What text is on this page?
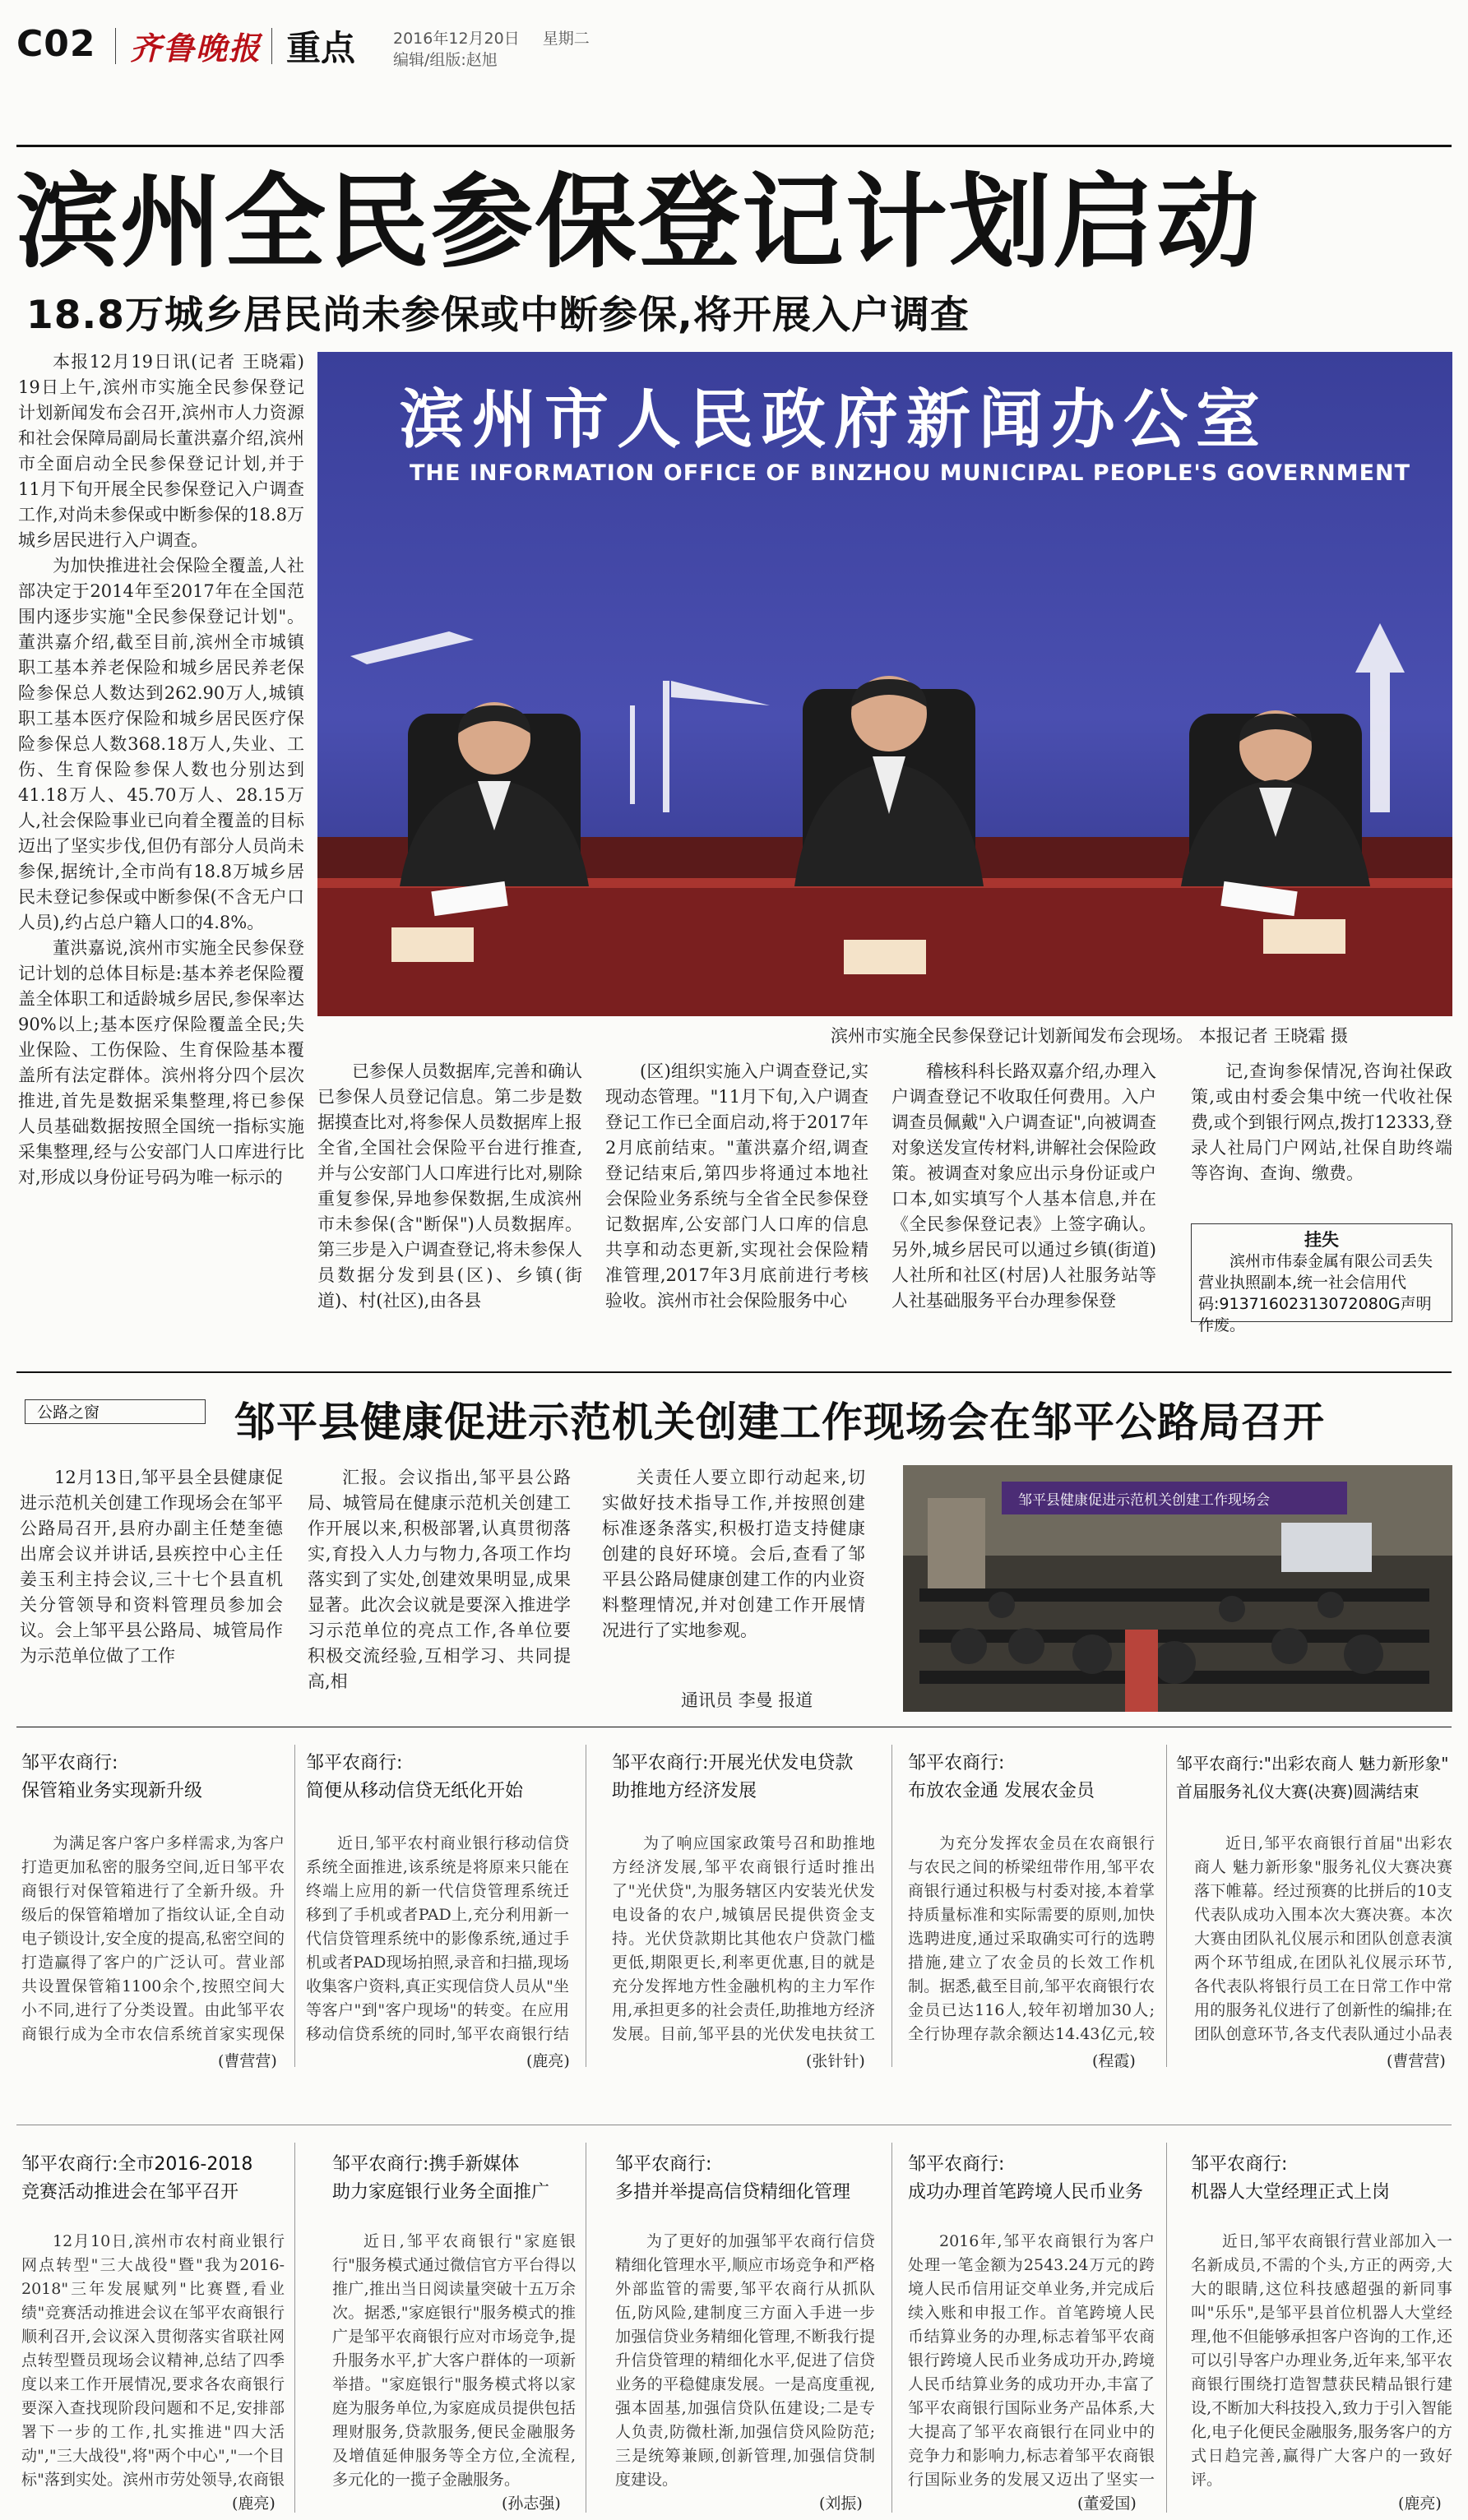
C02 齐鲁晚报 重点 2016年12月20日 星期二
编辑/组版:赵旭
滨州全民参保登记计划启动
18.8万城乡居民尚未参保或中断参保,将开展入户调查

本报12月19日讯(记者 王晓霜) 19日上午,滨州市实施全民参保登记计划新闻发布会召开,滨州市人力资源和社会保障局副局长董洪嘉介绍,滨州市全面启动全民参保登记计划,并于11月下旬开展全民参保登记入户调查工作,对尚未参保或中断参保的18.8万城乡居民进行入户调查。

为加快推进社会保险全覆盖,人社部决定于2014年至2017年在全国范围内逐步实施"全民参保登记计划"。董洪嘉介绍,截至目前,滨州全市城镇职工基本养老保险和城乡居民养老保险参保总人数达到262.90万人,城镇职工基本医疗保险和城乡居民医疗保险参保总人数368.18万人,失业、工伤、生育保险参保人数也分别达到41.18万人、45.70万人、28.15万人,社会保险事业已向着全覆盖的目标迈出了坚实步伐,但仍有部分人员尚未参保,据统计,全市尚有18.8万城乡居民未登记参保或中断参保(不含无户口人员),约占总户籍人口的4.8%。

董洪嘉说,滨州市实施全民参保登记计划的总体目标是:基本养老保险覆盖全体职工和适龄城乡居民,参保率达90%以上;基本医疗保险覆盖全民;失业保险、工伤保险、生育保险基本覆盖所有法定群体。滨州将分四个层次推进,首先是数据采集整理,将已参保人员基础数据按照全国统一指标实施采集整理,经与公安部门人口库进行比对,形成以身份证号码为唯一标示的

滨州市人民政府新闻办公室
THE INFORMATION OFFICE OF BINZHOU MUNICIPAL PEOPLE'S GOVERNMENT
滨州市实施全民参保登记计划新闻发布会现场。 本报记者 王晓霜 摄

已参保人员数据库,完善和确认已参保人员登记信息。第二步是数据摸查比对,将参保人员数据库上报全省,全国社会保险平台进行推查,并与公安部门人口库进行比对,剔除重复参保,异地参保数据,生成滨州市未参保(含"断保")人员数据库。第三步是入户调查登记,将未参保人员数据分发到县(区)、乡镇(街道)、村(社区),由各县

(区)组织实施入户调查登记,实现动态管理。"11月下旬,入户调查登记工作已全面启动,将于2017年2月底前结束。"董洪嘉介绍,调查登记结束后,第四步将通过本地社会保险业务系统与全省全民参保登记数据库,公安部门人口库的信息共享和动态更新,实现社会保险精准管理,2017年3月底前进行考核验收。滨州市社会保险服务中心

稽核科科长路双嘉介绍,办理入户调查登记不收取任何费用。入户调查员佩戴"入户调查证",向被调查对象送发宣传材料,讲解社会保险政策。被调查对象应出示身份证或户口本,如实填写个人基本信息,并在《全民参保登记表》上签字确认。另外,城乡居民可以通过乡镇(街道)人社所和社区(村居)人社服务站等人社基础服务平台办理参保登

记,查询参保情况,咨询社保政策,或由村委会集中统一代收社保费,或个到银行网点,拨打12333,登录人社局门户网站,社保自助终端等咨询、查询、缴费。

挂失
滨州市伟泰金属有限公司丢失营业执照副本,统一社会信用代码:91371602313072080G声明作废。
公路之窗	邹平县健康促进示范机关创建工作现场会在邹平公路局召开

12月13日,邹平县全县健康促进示范机关创建工作现场会在邹平公路局召开,县府办副主任楚奎德出席会议并讲话,县疾控中心主任姜玉利主持会议,三十七个县直机关分管领导和资料管理员参加会议。会上邹平县公路局、城管局作为示范单位做了工作

汇报。会议指出,邹平县公路局、城管局在健康示范机关创建工作开展以来,积极部署,认真贯彻落实,育投入人力与物力,各项工作均落实到了实处,创建效果明显,成果显著。此次会议就是要深入推进学习示范单位的亮点工作,各单位要积极交流经验,互相学习、共同提高,相

关责任人要立即行动起来,切实做好技术指导工作,并按照创建标准逐条落实,积极打造支持健康创建的良好环境。会后,查看了邹平县公路局健康创建工作的内业资料整理情况,并对创建工作开展情况进行了实地参观。

通讯员 李曼 报道
邹平县健康促进示范机关创建工作现场会
邹平农商行:
保管箱业务实现新升级

为满足客户客户多样需求,为客户打造更加私密的服务空间,近日邹平农商银行对保管箱进行了全新升级。升级后的保管箱增加了指纹认证,全自动电子锁设计,安全度的提高,私密空间的打造赢得了客户的广泛认可。营业部共设置保管箱1100余个,按照空间大小不同,进行了分类设置。由此邹平农商银行成为全市农信系统首家实现保

(曹营营)
邹平农商行:
简便从移动信贷无纸化开始

近日,邹平农村商业银行移动信贷系统全面推进,该系统是将原来只能在终端上应用的新一代信贷管理系统迁移到了手机或者PAD上,充分利用新一代信贷管理系统中的影像系统,通过手机或者PAD现场拍照,录音和扫描,现场收集客户资料,真正实现信贷人员从"坐等客户"到"客户现场"的转变。在应用移动信贷系统的同时,邹平农商银行结

(鹿亮)
邹平农商行:开展光伏发电贷款
助推地方经济发展

为了响应国家政策号召和助推地方经济发展,邹平农商银行适时推出了"光伏贷",为服务辖区内安装光伏发电设备的农户,城镇居民提供资金支持。光伏贷款期比其他农户贷款门槛更低,期限更长,利率更优惠,目的就是充分发挥地方性金融机构的主力军作用,承担更多的社会责任,助推地方经济发展。目前,邹平县的光伏发电扶贫工

(张针针)
邹平农商行:
布放农金通 发展农金员

为充分发挥农金员在农商银行与农民之间的桥梁纽带作用,邹平农商银行通过积极与村委对接,本着掌持质量标准和实际需要的原则,加快选聘进度,通过采取确实可行的选聘措施,建立了农金员的长效工作机制。据悉,截至目前,邹平农商银行农金员已达116人,较年初增加30人;全行协理存款余额达14.43亿元,较

(程霞)
邹平农商行:"出彩农商人 魅力新形象"
首届服务礼仪大赛(决赛)圆满结束

近日,邹平农商银行首届"出彩农商人 魅力新形象"服务礼仪大赛决赛落下帷幕。经过预赛的比拼后的10支代表队成功入围本次大赛决赛。本次大赛由团队礼仪展示和团队创意表演两个环节组成,在团队礼仪展示环节,各代表队将银行员工在日常工作中常用的服务礼仪进行了创新性的编排;在团队创意环节,各支代表队通过小品表

(曹营营)
邹平农商行:全市2016-2018
竞赛活动推进会在邹平召开

12月10日,滨州市农村商业银行网点转型"三大战役"暨"我为2016-2018"三年发展赋列"比赛暨,看业绩"竞赛活动推进会议在邹平农商银行顺利召开,会议深入贯彻落实省联社网点转型暨员现场会议精神,总结了四季度以来工作开展情况,要求各农商银行要深入查找现阶段问题和不足,安排部署下一步的工作,扎实推进"四大活动","三大战役",将"两个中心","一个目标"落到实处。滨州市劳处领导,农商银

(鹿亮)
邹平农商行:携手新媒体
助力家庭银行业务全面推广

近日,邹平农商银行"家庭银行"服务模式通过微信官方平台得以推广,推出当日阅读量突破十五万余次。据悉,"家庭银行"服务模式的推广是邹平农商银行应对市场竞争,提升服务水平,扩大客户群体的一项新举措。"家庭银行"服务模式将以家庭为服务单位,为家庭成员提供包括理财服务,贷款服务,便民金融服务及增值延伸服务等全方位,全流程,多元化的一揽子金融服务。

(孙志强)
邹平农商行:
多措并举提高信贷精细化管理

为了更好的加强邹平农商行信贷精细化管理水平,顺应市场竞争和严格外部监管的需要,邹平农商行从抓队伍,防风险,建制度三方面入手进一步加强信贷业务精细化管理,不断我行提升信贷管理的精细化水平,促进了信贷业务的平稳健康发展。一是高度重视,强本固基,加强信贷队伍建设;二是专人负责,防微杜渐,加强信贷风险防范;三是统筹兼顾,创新管理,加强信贷制度建设。

(刘振)
邹平农商行:
成功办理首笔跨境人民币业务

2016年,邹平农商银行为客户处理一笔金额为2543.24万元的跨境人民币信用证交单业务,并完成后续入账和申报工作。首笔跨境人民币结算业务的办理,标志着邹平农商银行跨境人民币业务成功开办,跨境人民币结算业务的成功开办,丰富了邹平农商银行国际业务产品体系,大大提高了邹平农商银行在同业中的竞争力和影响力,标志着邹平农商银行国际业务的发展又迈出了坚实一

(董爱国)
邹平农商行:
机器人大堂经理正式上岗

近日,邹平农商银行营业部加入一名新成员,不需的个头,方正的两旁,大大的眼睛,这位科技感超强的新同事叫"乐乐",是邹平县首位机器人大堂经理,他不但能够承担客户咨询的工作,还可以引导客户办理业务,近年来,邹平农商银行围绕打造智慧获民精品银行建设,不断加大科技投入,致力于引入智能化,电子化便民金融服务,服务客户的方式日趋完善,赢得广大客户的一致好评。

(鹿亮)
